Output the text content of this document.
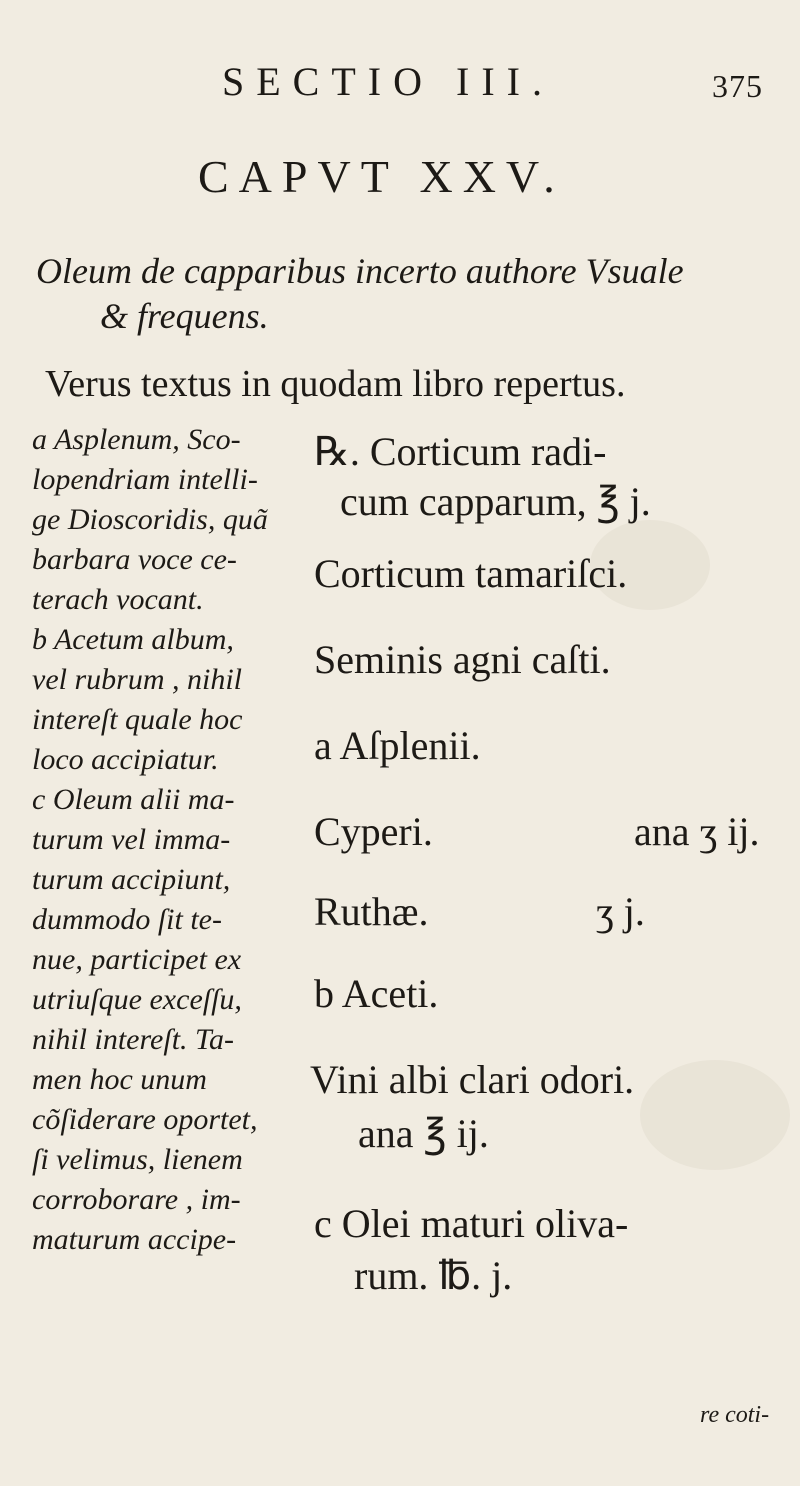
SECTIO III.	375
CAPVT XXV.
Oleum de capparibus incerto authore Vsuale
& frequens.
Verus textus in quodam libro repertus.
a Asplenum, Sco-
lopendriam intelli-
ge Dioscoridis, quã
barbara voce ce-
terach vocant.
b Acetum album,
vel rubrum , nihil
intereſt quale hoc
loco accipiatur.
c Oleum alii ma-
turum vel imma-
turum accipiunt,
dummodo ſit te-
nue, participet ex
utriuſque exceſſu,
nihil intereſt. Ta-
men hoc unum
cõſiderare oportet,
ſi velimus, lienem
corroborare , im-
maturum accipe-
℞. Corticum radi-
cum capparum, ℥ j.
Corticum tamariſci.
Seminis agni caſti.
a Aſplenii.
Cyperi.	ana ʒ ij.
Ruthæ.	ʒ j.
b Aceti.
Vini albi clari odori.
ana ℥ ij.
c Olei maturi oliva-
rum. ℔. j.
re coti-
